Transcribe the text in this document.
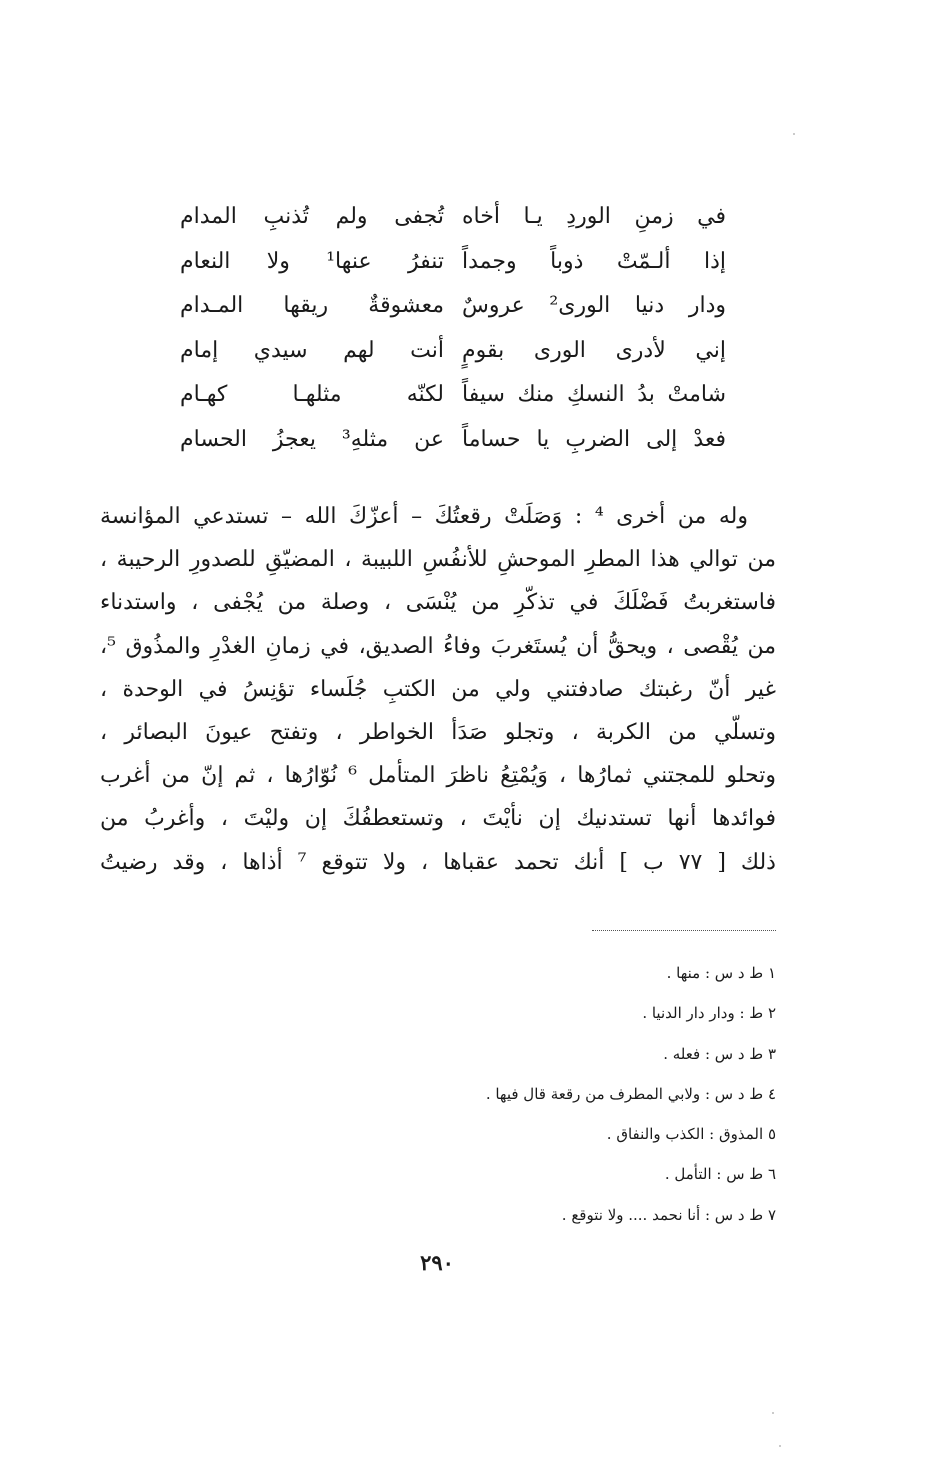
في زمنِ الوردِ يـا أخاه
تُجفى ولم تُذنبِ المدام
إذا ألـمّتْ ذوباً وجمداً
تنفرُ عنها¹ ولا النعام
ودار دنيا الورى² عروسٌ
معشوقةٌ ريقها المـدام
إني لأدرى الورى بقومٍ
أنت لهم سيدي إمام
شامتْ بدُ النسكِ منك سيفاً
لكنّه مثلهـا كهـام
فعدْ إلى الضربِ يا حساماً
عن مثلهِ³ يعجزُ الحسام
وله من أخرى ⁴ : وَصَلَتْ رقعتُكَ – أعزّكَ الله – تستدعي المؤانسة
من توالي هذا المطرِ الموحشِ للأنفُسِ اللبيبة ، المضيّقِ للصدورِ الرحيبة ،
فاستغربتُ فَضْلَكَ في تذكّرِ من يُنْسَى ، وصلة من يُجْفى ، واستدناء
من يُقْصى ، ويحقُّ أن يُستَغربَ وفاءُ الصديق، في زمانِ الغدْرِ والمذُوق ⁵،
غير أنّ رغبتك صادفتني ولي من الكتبِ جُلَساء تؤنِسُ في الوحدة ،
وتسلّي من الكربة ، وتجلو صَدَأ الخواطر ، وتفتح عيونَ البصائر ،
وتحلو للمجتني ثمارُها ، وَيُمْتِعُ ناظرَ المتأمل ⁶ نُوّارُها ، ثم إنّ من أغرب
فوائدها أنها تستدنيك إن نأيْتَ ، وتستعطفُكَ إن وليْتَ ، وأغربُ من
ذلك [ ٧٧ ب ] أنك تحمد عقباها ، ولا تتوقع ⁷ أذاها ، وقد رضيتُ
١ ط د س : منها .
٢ ط : ودار دار الدنيا .
٣ ط د س : فعله .
٤ ط د س : ولابي المطرف من رقعة قال فيها .
٥ المذوق : الكذب والنفاق .
٦ ط س : التأمل .
٧ ط د س : أنا نحمد .... ولا نتوقع .
٢٩٠
